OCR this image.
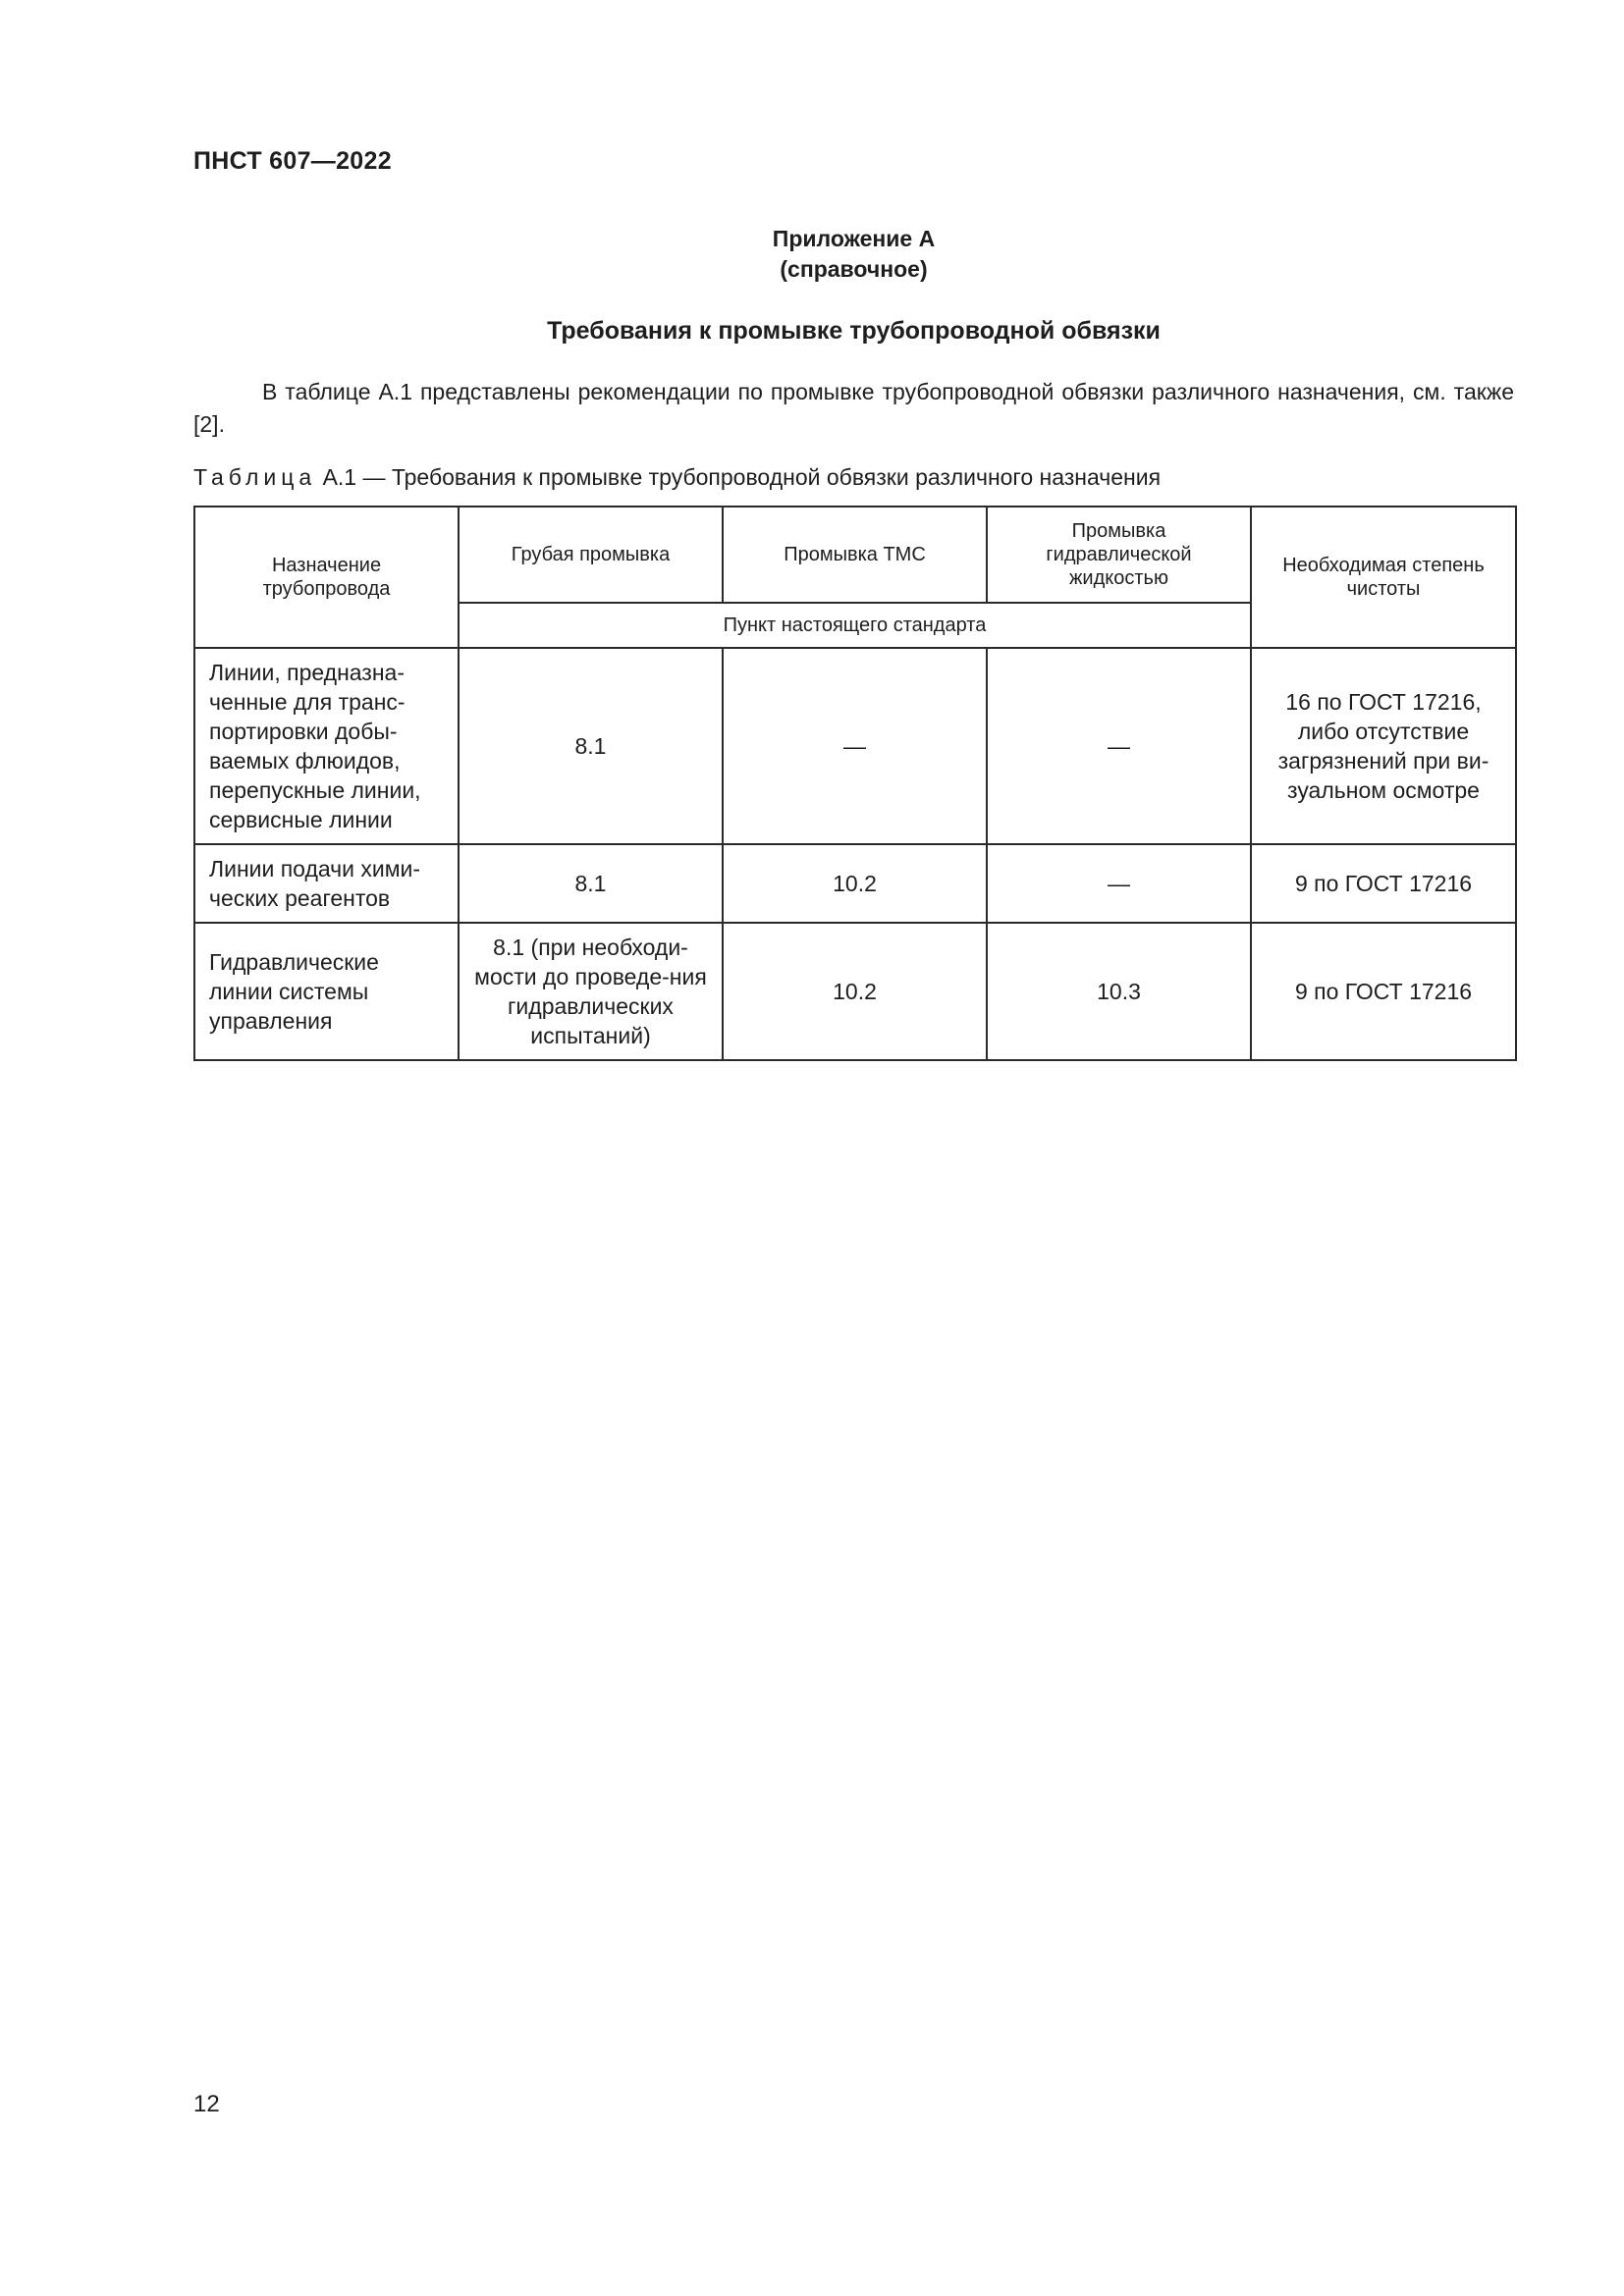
ПНСТ 607—2022
Приложение А
(справочное)
Требования к промывке трубопроводной обвязки
В таблице А.1 представлены рекомендации по промывке трубопроводной обвязки различного назначения, см. также [2].
Таблица А.1 — Требования к промывке трубопроводной обвязки различного назначения
Назначение трубопровода	Грубая промывка	Промывка ТМС	Промывка гидравлической жидкостью	Необходимая степень чистоты
	Пункт настоящего стандарта			
Линии, предназна-ченные для транс-портировки добы-ваемых флюидов, перепускные линии, сервисные линии	8.1	—	—	16 по ГОСТ 17216, либо отсутствие загрязнений при ви-зуальном осмотре
Линии подачи хими-ческих реагентов	8.1	10.2	—	9 по ГОСТ 17216
Гидравлические линии системы управления	8.1 (при необходи-мости до проведе-ния гидравлических испытаний)	10.2	10.3	9 по ГОСТ 17216
12
